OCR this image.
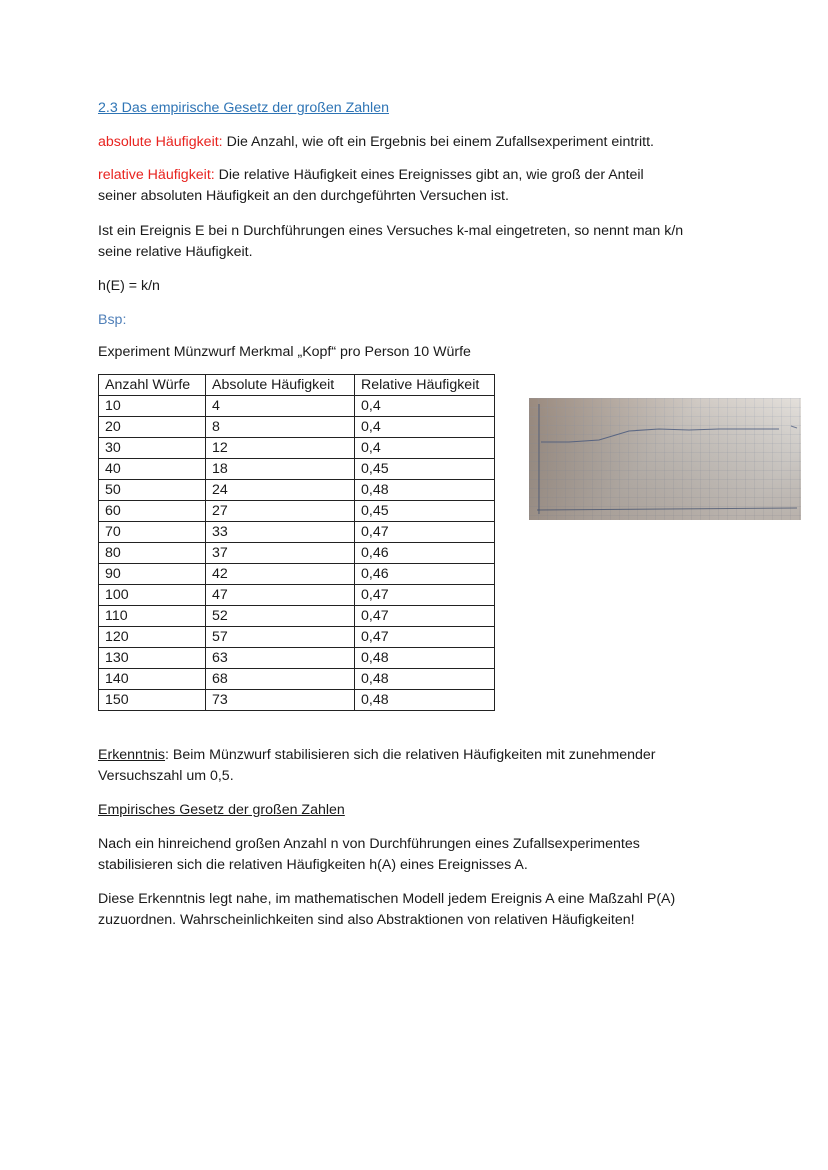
2.3 Das empirische Gesetz der großen Zahlen

absolute Häufigkeit: Die Anzahl, wie oft ein Ergebnis bei einem Zufallsexperiment eintritt.

relative Häufigkeit: Die relative Häufigkeit eines Ereignisses gibt an, wie groß der Anteil

seiner absoluten Häufigkeit an den durchgeführten Versuchen ist.

Ist ein Ereignis E bei n Durchführungen eines Versuches k-mal eingetreten, so nennt man k/n

seine relative Häufigkeit.

h(E) = k/n

Bsp:

Experiment Münzwurf Merkmal „Kopf“ pro Person 10 Würfe

Anzahl Würfe	Absolute Häufigkeit	Relative Häufigkeit
10	4	0,4
20	8	0,4
30	12	0,4
40	18	0,45
50	24	0,48
60	27	0,45
70	33	0,47
80	37	0,46
90	42	0,46
100	47	0,47
110	52	0,47
120	57	0,47
130	63	0,48
140	68	0,48
150	73	0,48

Erkenntnis: Beim Münzwurf stabilisieren sich die relativen Häufigkeiten mit zunehmender

Versuchszahl um 0,5.

Empirisches Gesetz der großen Zahlen

Nach ein hinreichend großen Anzahl n von Durchführungen eines Zufallsexperimentes

stabilisieren sich die relativen Häufigkeiten h(A) eines Ereignisses A.

Diese Erkenntnis legt nahe, im mathematischen Modell jedem Ereignis A eine Maßzahl P(A)

zuzuordnen. Wahrscheinlichkeiten sind also Abstraktionen von relativen Häufigkeiten!
